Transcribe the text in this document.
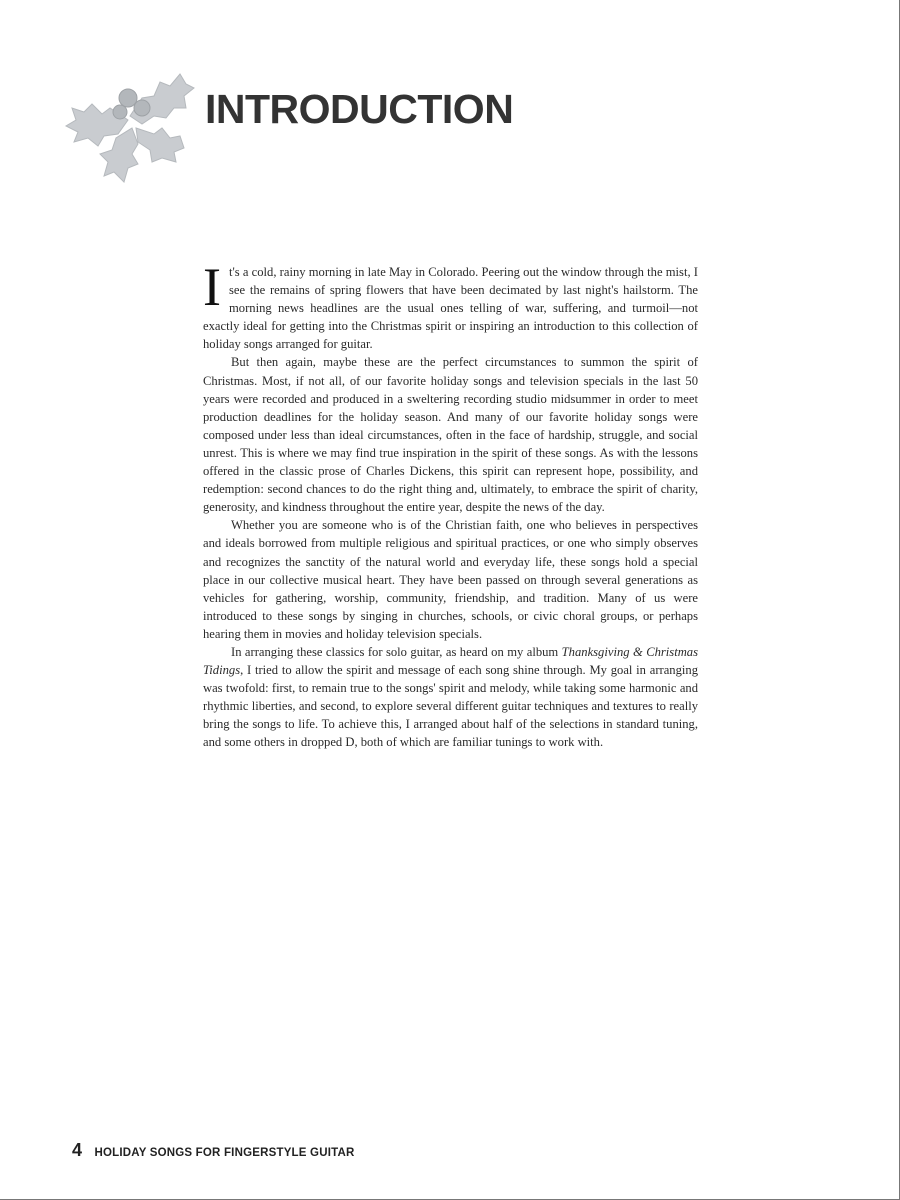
INTRODUCTION

It's a cold, rainy morning in late May in Colorado. Peering out the window through the mist, I see the remains of spring flowers that have been decimated by last night's hailstorm. The morning news headlines are the usual ones telling of war, suffering, and turmoil—not exactly ideal for getting into the Christmas spirit or inspiring an introduction to this collection of holiday songs arranged for guitar.

But then again, maybe these are the perfect circumstances to summon the spirit of Christmas. Most, if not all, of our favorite holiday songs and television specials in the last 50 years were recorded and produced in a sweltering recording studio midsummer in order to meet production deadlines for the holiday season. And many of our favorite holiday songs were composed under less than ideal circumstances, often in the face of hardship, struggle, and social unrest. This is where we may find true inspiration in the spirit of these songs. As with the lessons offered in the classic prose of Charles Dickens, this spirit can represent hope, possibility, and redemption: second chances to do the right thing and, ultimately, to embrace the spirit of charity, generosity, and kindness throughout the entire year, despite the news of the day.

Whether you are someone who is of the Christian faith, one who believes in perspectives and ideals borrowed from multiple religious and spiritual practices, or one who simply observes and recognizes the sanctity of the natural world and everyday life, these songs hold a special place in our collective musical heart. They have been passed on through several generations as vehicles for gathering, worship, community, friendship, and tradition. Many of us were introduced to these songs by singing in churches, schools, or civic choral groups, or perhaps hearing them in movies and holiday television specials.

In arranging these classics for solo guitar, as heard on my album Thanksgiving & Christmas Tidings, I tried to allow the spirit and message of each song shine through. My goal in arranging was twofold: first, to remain true to the songs' spirit and melody, while taking some harmonic and rhythmic liberties, and second, to explore several different guitar techniques and textures to really bring the songs to life. To achieve this, I arranged about half of the selections in standard tuning, and some others in dropped D, both of which are familiar tunings to work with.

4 HOLIDAY SONGS FOR FINGERSTYLE GUITAR
